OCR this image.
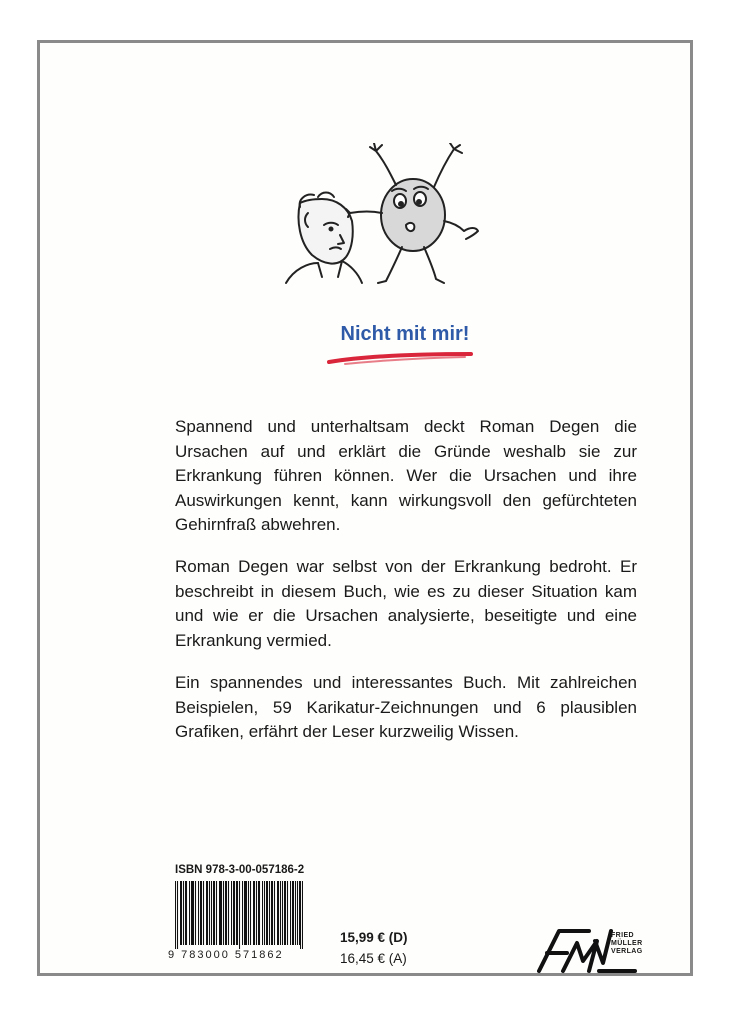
Nicht mit mir!

Spannend und unterhaltsam deckt Roman Degen die Ursachen auf und erklärt die Gründe weshalb sie zur Erkrankung führen können. Wer die Ursachen und ihre Auswirkungen kennt, kann wirkungsvoll den gefürchteten Gehirnfraß abwehren.

Roman Degen war selbst von der Erkrankung bedroht. Er beschreibt in diesem Buch, wie es zu dieser Situation kam und wie er die Ursachen analysierte, beseitigte und eine Erkrankung vermied.

Ein spannendes und interessantes Buch. Mit zahlreichen Beispielen, 59 Karikatur-Zeichnungen und 6 plausiblen Grafiken, erfährt der Leser kurzweilig Wissen.

ISBN 978-3-00-057186-2
9 783000 571862
15,99 € (D)
16,45 € (A)
FRIED
MÜLLER
VERLAG
